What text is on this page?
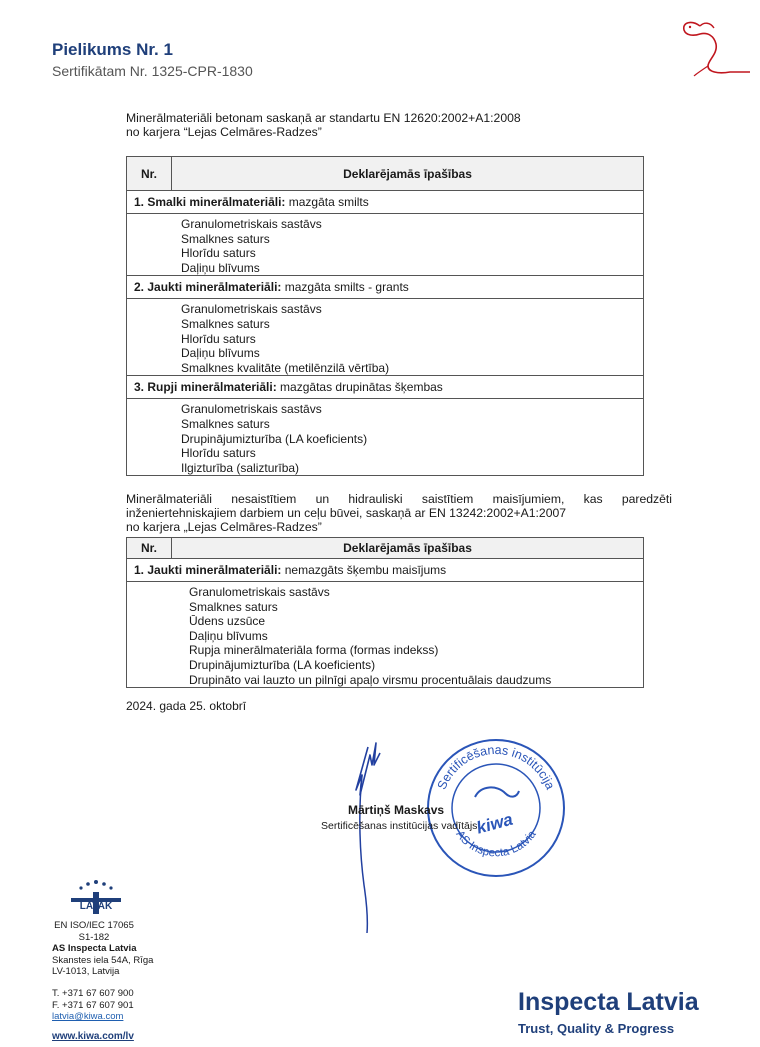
Pielikums Nr. 1
Sertifikātam Nr. 1325-CPR-1830
Minerālmateriāli betonam saskaņā ar standartu EN 12620:2002+A1:2008
no karjera “Lejas Celmāres-Radzes”
Nr.	Deklarējamās īpašības
1. Smalki minerālmateriāli: mazgāta smilts

Granulometriskais sastāvs
Smalknes saturs
Hlorīdu saturs
Daļiņu blīvums

2. Jaukti minerālmateriāli: mazgāta smilts - grants

Granulometriskais sastāvs
Smalknes saturs
Hlorīdu saturs
Daļiņu blīvums
Smalknes kvalitāte (metilēnzilā vērtība)

3. Rupji minerālmateriāli: mazgātas drupinātas šķembas

Granulometriskais sastāvs
Smalknes saturs
Drupinājumizturība (LA koeficients)
Hlorīdu saturs
Ilgizturība (salizturība)
Minerālmateriāli nesaistītiem un hidrauliski saistītiem maisījumiem, kas paredzēti
inženiertehniskajiem darbiem un ceļu būvei, saskaņā ar EN 13242:2002+A1:2007
no karjera „Lejas Celmāres-Radzes”
Nr.	Deklarējamās īpašības
1. Jaukti minerālmateriāli: nemazgāts šķembu maisījums

Granulometriskais sastāvs
Smalknes saturs
Ūdens uzsūce
Daļiņu blīvums
Rupja minerālmateriāla forma (formas indekss)
Drupinājumizturība (LA koeficients)
Drupināto vai lauzto un pilnīgi apaļo virsmu procentuālais daudzums
2024. gada 25. oktobrī
Sertificēšanas institūcija
kiwa
AS Inspecta Latvia
Mārtiņš Maskavs
Sertificēšanas institūcijas vadītājs
LATAK
EN ISO/IEC 17065
S1-182
AS Inspecta Latvia
Skanstes iela 54A, Rīga
LV-1013, Latvija
T. +371 67 607 900
F. +371 67 607 901
latvia@kiwa.com
www.kiwa.com/lv
Inspecta Latvia
Trust, Quality & Progress
